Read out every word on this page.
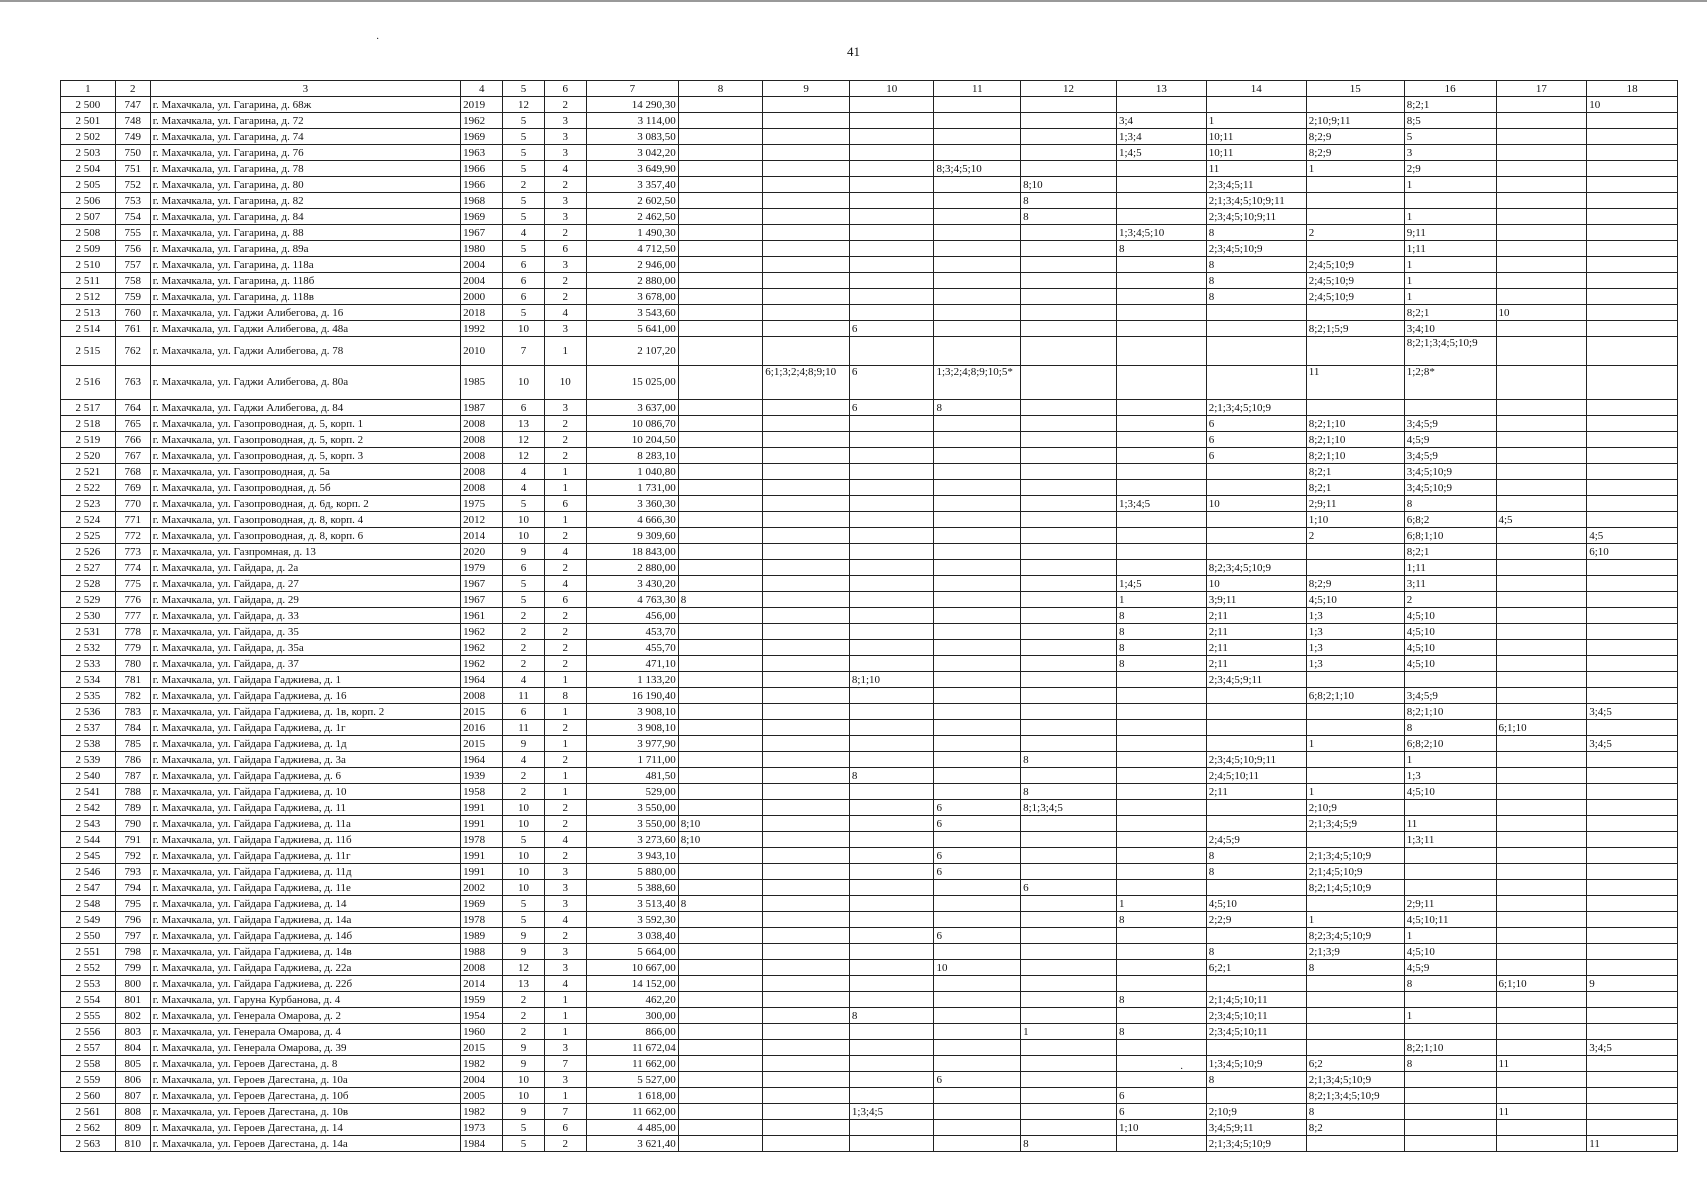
41
1	2	3	4	5	6	7	8	9	10	11	12	13	14	15	16	17	18
2 500	747	г. Махачкала, ул. Гагарина, д. 68ж	2019	12	2	14 290,30									8;2;1		10
2 501	748	г. Махачкала, ул. Гагарина, д. 72	1962	5	3	3 114,00						3;4	1	2;10;9;11	8;5		
2 502	749	г. Махачкала, ул. Гагарина, д. 74	1969	5	3	3 083,50						1;3;4	10;11	8;2;9	5		
2 503	750	г. Махачкала, ул. Гагарина, д. 76	1963	5	3	3 042,20						1;4;5	10;11	8;2;9	3		
2 504	751	г. Махачкала, ул. Гагарина, д. 78	1966	5	4	3 649,90				8;3;4;5;10			11	1	2;9		
2 505	752	г. Махачкала, ул. Гагарина, д. 80	1966	2	2	3 357,40					8;10		2;3;4;5;11		1		
2 506	753	г. Махачкала, ул. Гагарина, д. 82	1968	5	3	2 602,50					8		2;1;3;4;5;10;9;11				
2 507	754	г. Махачкала, ул. Гагарина, д. 84	1969	5	3	2 462,50					8		2;3;4;5;10;9;11		1		
2 508	755	г. Махачкала, ул. Гагарина, д. 88	1967	4	2	1 490,30						1;3;4;5;10	8	2	9;11		
2 509	756	г. Махачкала, ул. Гагарина, д. 89а	1980	5	6	4 712,50						8	2;3;4;5;10;9		1;11		
2 510	757	г. Махачкала, ул. Гагарина, д. 118а	2004	6	3	2 946,00							8	2;4;5;10;9	1		
2 511	758	г. Махачкала, ул. Гагарина, д. 118б	2004	6	2	2 880,00							8	2;4;5;10;9	1		
2 512	759	г. Махачкала, ул. Гагарина, д. 118в	2000	6	2	3 678,00							8	2;4;5;10;9	1		
2 513	760	г. Махачкала, ул. Гаджи Алибегова, д. 16	2018	5	4	3 543,60									8;2;1	10	
2 514	761	г. Махачкала, ул. Гаджи Алибегова, д. 48а	1992	10	3	5 641,00			6					8;2;1;5;9	3;4;10		
2 515	762	г. Махачкала, ул. Гаджи Алибегова, д. 78	2010	7	1	2 107,20									8;2;1;3;4;5;10;9		
2 516	763	г. Махачкала, ул. Гаджи Алибегова, д. 80а	1985	10	10	15 025,00		6;1;3;2;4;8;9;10	6	1;3;2;4;8;9;10;5*				11	1;2;8*		
2 517	764	г. Махачкала, ул. Гаджи Алибегова, д. 84	1987	6	3	3 637,00			6	8			2;1;3;4;5;10;9				
2 518	765	г. Махачкала, ул. Газопроводная, д. 5, корп. 1	2008	13	2	10 086,70							6	8;2;1;10	3;4;5;9		
2 519	766	г. Махачкала, ул. Газопроводная, д. 5, корп. 2	2008	12	2	10 204,50							6	8;2;1;10	4;5;9		
2 520	767	г. Махачкала, ул. Газопроводная, д. 5, корп. 3	2008	12	2	8 283,10							6	8;2;1;10	3;4;5;9		
2 521	768	г. Махачкала, ул. Газопроводная, д. 5а	2008	4	1	1 040,80								8;2;1	3;4;5;10;9		
2 522	769	г. Махачкала, ул. Газопроводная, д. 5б	2008	4	1	1 731,00								8;2;1	3;4;5;10;9		
2 523	770	г. Махачкала, ул. Газопроводная, д. 6д, корп. 2	1975	5	6	3 360,30						1;3;4;5	10	2;9;11	8		
2 524	771	г. Махачкала, ул. Газопроводная, д. 8, корп. 4	2012	10	1	4 666,30								1;10	6;8;2	4;5	
2 525	772	г. Махачкала, ул. Газопроводная, д. 8, корп. 6	2014	10	2	9 309,60								2	6;8;1;10		4;5
2 526	773	г. Махачкала, ул. Газпромная, д. 13	2020	9	4	18 843,00									8;2;1		6;10
2 527	774	г. Махачкала, ул. Гайдара, д. 2а	1979	6	2	2 880,00							8;2;3;4;5;10;9		1;11		
2 528	775	г. Махачкала, ул. Гайдара, д. 27	1967	5	4	3 430,20						1;4;5	10	8;2;9	3;11		
2 529	776	г. Махачкала, ул. Гайдара, д. 29	1967	5	6	4 763,30	8					1	3;9;11	4;5;10	2		
2 530	777	г. Махачкала, ул. Гайдара, д. 33	1961	2	2	456,00						8	2;11	1;3	4;5;10		
2 531	778	г. Махачкала, ул. Гайдара, д. 35	1962	2	2	453,70						8	2;11	1;3	4;5;10		
2 532	779	г. Махачкала, ул. Гайдара, д. 35а	1962	2	2	455,70						8	2;11	1;3	4;5;10		
2 533	780	г. Махачкала, ул. Гайдара, д. 37	1962	2	2	471,10						8	2;11	1;3	4;5;10		
2 534	781	г. Махачкала, ул. Гайдара Гаджиева, д. 1	1964	4	1	1 133,20			8;1;10				2;3;4;5;9;11				
2 535	782	г. Махачкала, ул. Гайдара Гаджиева, д. 16	2008	11	8	16 190,40								6;8;2;1;10	3;4;5;9		
2 536	783	г. Махачкала, ул. Гайдара Гаджиева, д. 1в, корп. 2	2015	6	1	3 908,10									8;2;1;10		3;4;5
2 537	784	г. Махачкала, ул. Гайдара Гаджиева, д. 1г	2016	11	2	3 908,10									8	6;1;10	
2 538	785	г. Махачкала, ул. Гайдара Гаджиева, д. 1д	2015	9	1	3 977,90								1	6;8;2;10		3;4;5
2 539	786	г. Махачкала, ул. Гайдара Гаджиева, д. 3а	1964	4	2	1 711,00					8		2;3;4;5;10;9;11		1		
2 540	787	г. Махачкала, ул. Гайдара Гаджиева, д. 6	1939	2	1	481,50			8				2;4;5;10;11		1;3		
2 541	788	г. Махачкала, ул. Гайдара Гаджиева, д. 10	1958	2	1	529,00					8		2;11	1	4;5;10		
2 542	789	г. Махачкала, ул. Гайдара Гаджиева, д. 11	1991	10	2	3 550,00				6	8;1;3;4;5			2;10;9			
2 543	790	г. Махачкала, ул. Гайдара Гаджиева, д. 11а	1991	10	2	3 550,00	8;10			6				2;1;3;4;5;9	11		
2 544	791	г. Махачкала, ул. Гайдара Гаджиева, д. 11б	1978	5	4	3 273,60	8;10						2;4;5;9		1;3;11		
2 545	792	г. Махачкала, ул. Гайдара Гаджиева, д. 11г	1991	10	2	3 943,10				6			8	2;1;3;4;5;10;9			
2 546	793	г. Махачкала, ул. Гайдара Гаджиева, д. 11д	1991	10	3	5 880,00				6			8	2;1;4;5;10;9			
2 547	794	г. Махачкала, ул. Гайдара Гаджиева, д. 11е	2002	10	3	5 388,60					6			8;2;1;4;5;10;9			
2 548	795	г. Махачкала, ул. Гайдара Гаджиева, д. 14	1969	5	3	3 513,40	8					1	4;5;10		2;9;11		
2 549	796	г. Махачкала, ул. Гайдара Гаджиева, д. 14а	1978	5	4	3 592,30						8	2;2;9	1	4;5;10;11		
2 550	797	г. Махачкала, ул. Гайдара Гаджиева, д. 14б	1989	9	2	3 038,40				6				8;2;3;4;5;10;9	1		
2 551	798	г. Махачкала, ул. Гайдара Гаджиева, д. 14в	1988	9	3	5 664,00							8	2;1;3;9	4;5;10		
2 552	799	г. Махачкала, ул. Гайдара Гаджиева, д. 22а	2008	12	3	10 667,00				10			6;2;1	8	4;5;9		
2 553	800	г. Махачкала, ул. Гайдара Гаджиева, д. 22б	2014	13	4	14 152,00									8	6;1;10	9
2 554	801	г. Махачкала, ул. Гаруна Курбанова, д. 4	1959	2	1	462,20						8	2;1;4;5;10;11				
2 555	802	г. Махачкала, ул. Генерала Омарова, д. 2	1954	2	1	300,00			8				2;3;4;5;10;11		1		
2 556	803	г. Махачкала, ул. Генерала Омарова, д. 4	1960	2	1	866,00					1	8	2;3;4;5;10;11				
2 557	804	г. Махачкала, ул. Генерала Омарова, д. 39	2015	9	3	11 672,04									8;2;1;10		3;4;5
2 558	805	г. Махачкала, ул. Героев Дагестана, д. 8	1982	9	7	11 662,00							1;3;4;5;10;9	6;2	8	11	
2 559	806	г. Махачкала, ул. Героев Дагестана, д. 10а	2004	10	3	5 527,00				6			8	2;1;3;4;5;10;9			
2 560	807	г. Махачкала, ул. Героев Дагестана, д. 10б	2005	10	1	1 618,00						6		8;2;1;3;4;5;10;9			
2 561	808	г. Махачкала, ул. Героев Дагестана, д. 10в	1982	9	7	11 662,00			1;3;4;5			6	2;10;9	8		11	
2 562	809	г. Махачкала, ул. Героев Дагестана, д. 14	1973	5	6	4 485,00						1;10	3;4;5;9;11	8;2			
2 563	810	г. Махачкала, ул. Героев Дагестана, д. 14а	1984	5	2	3 621,40					8		2;1;3;4;5;10;9				11
·
·
